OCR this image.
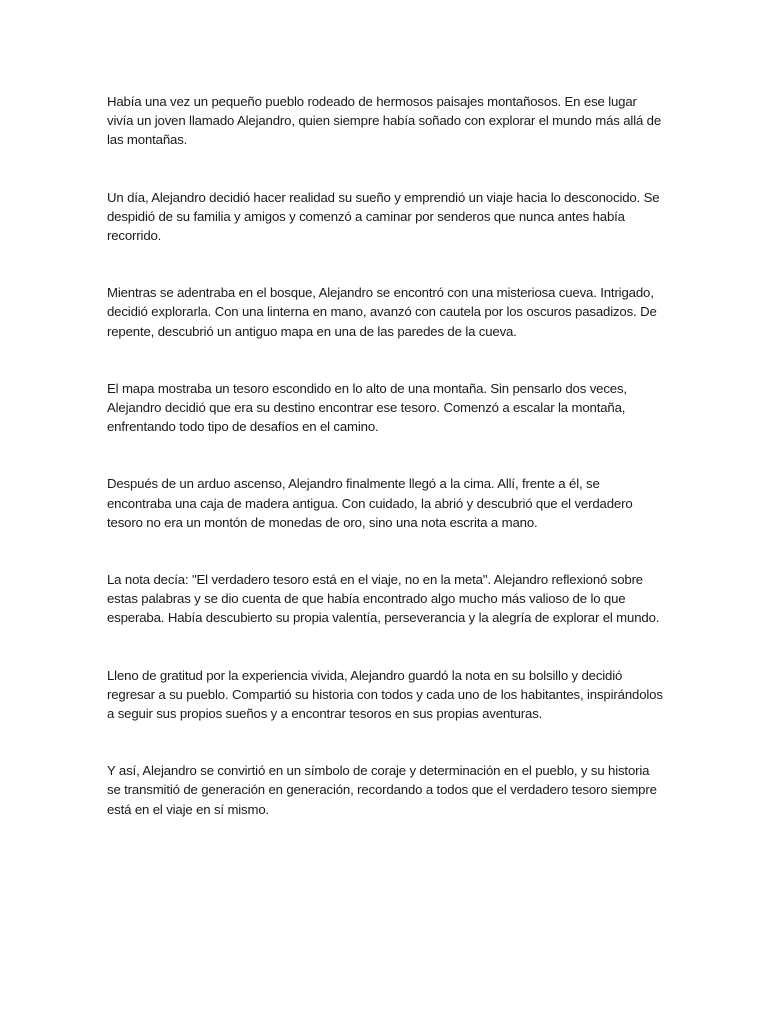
Había una vez un pequeño pueblo rodeado de hermosos paisajes montañosos. En ese lugar vivía un joven llamado Alejandro, quien siempre había soñado con explorar el mundo más allá de las montañas.

Un día, Alejandro decidió hacer realidad su sueño y emprendió un viaje hacia lo desconocido. Se despidió de su familia y amigos y comenzó a caminar por senderos que nunca antes había recorrido.

Mientras se adentraba en el bosque, Alejandro se encontró con una misteriosa cueva. Intrigado, decidió explorarla. Con una linterna en mano, avanzó con cautela por los oscuros pasadizos. De repente, descubrió un antiguo mapa en una de las paredes de la cueva.

El mapa mostraba un tesoro escondido en lo alto de una montaña. Sin pensarlo dos veces, Alejandro decidió que era su destino encontrar ese tesoro. Comenzó a escalar la montaña, enfrentando todo tipo de desafíos en el camino.

Después de un arduo ascenso, Alejandro finalmente llegó a la cima. Allí, frente a él, se encontraba una caja de madera antigua. Con cuidado, la abrió y descubrió que el verdadero tesoro no era un montón de monedas de oro, sino una nota escrita a mano.

La nota decía: "El verdadero tesoro está en el viaje, no en la meta". Alejandro reflexionó sobre estas palabras y se dio cuenta de que había encontrado algo mucho más valioso de lo que esperaba. Había descubierto su propia valentía, perseverancia y la alegría de explorar el mundo.

Lleno de gratitud por la experiencia vivida, Alejandro guardó la nota en su bolsillo y decidió regresar a su pueblo. Compartió su historia con todos y cada uno de los habitantes, inspirándolos a seguir sus propios sueños y a encontrar tesoros en sus propias aventuras.

Y así, Alejandro se convirtió en un símbolo de coraje y determinación en el pueblo, y su historia se transmitió de generación en generación, recordando a todos que el verdadero tesoro siempre está en el viaje en sí mismo.
